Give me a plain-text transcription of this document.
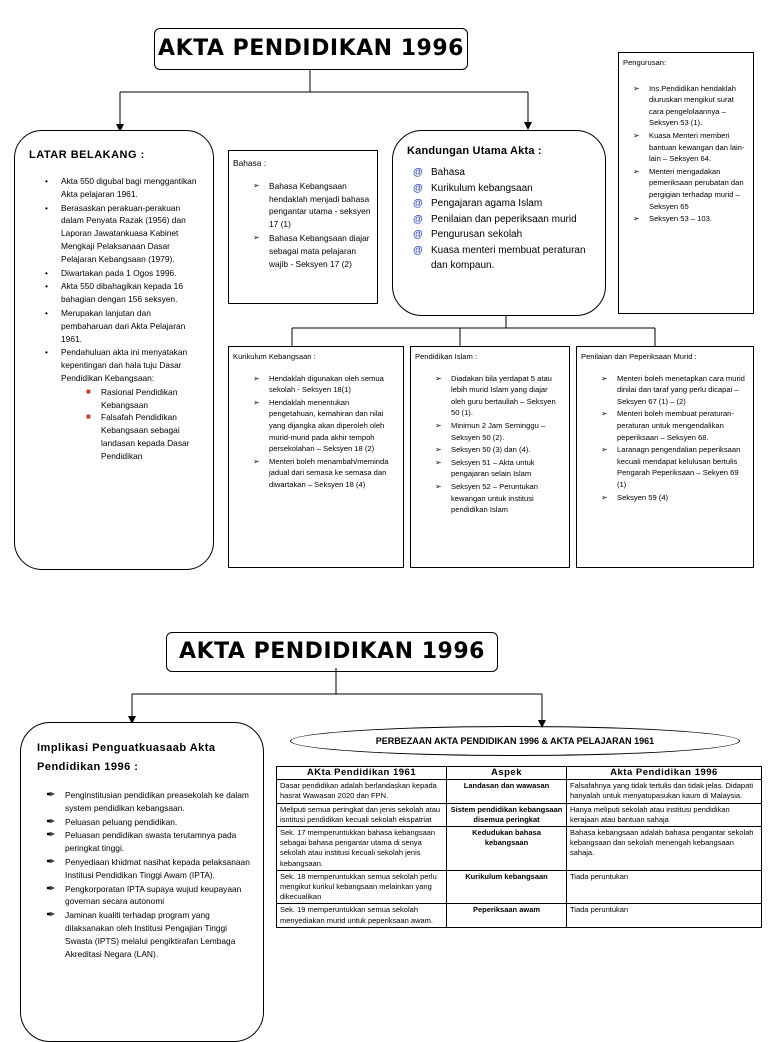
AKTA PENDIDIKAN 1996
LATAR BELAKANG :
• Akta 550 digubal bagi menggantikan Akta pelajaran 1961.
• Berasaskan perakuan-perakuan dalam Penyata Razak (1956) dan Laporan Jawatankuasa Kabinet Mengkaji Pelaksanaan Dasar Pelajaran Kebangsaan (1979).
• Diwartakan pada 1 Ogos 1996.
• Akta 550 dibahagikan kepada 16 bahagian dengan 156 seksyen.
• Merupakan lanjutan dan pembaharuan dari Akta Pelajaran 1961.
• Pendahuluan akta ini menyatakan kepentingan dan hala tuju Dasar Pendidikan Kebangsaan:
■ Rasional Pendidikan Kebangsaan
■ Falsafah Pendidikan Kebangsaan sebagai landasan kepada Dasar Pendidikan
Bahasa :
➢ Bahasa Kebangsaan hendaklah menjadi bahasa pengantar utama - seksyen 17 (1)
➢ Bahasa Kebangsaan diajar sebagai mata pelajaran wajib - Seksyen 17 (2)
Kandungan Utama Akta :
@ Bahasa
@ Kurikulum kebangsaan
@ Pengajaran agama Islam
@ Penilaian dan peperiksaan murid
@ Pengurusan sekolah
@ Kuasa menteri membuat peraturan dan kompaun.
Pengurusan:
➢ Ins.Pendidikan hendaklah diuruskan mengikut surat cara pengelolaannya – Seksyen 53 (1).
➢ Kuasa Menteri memberi bantuan kewangan dan lain-lain – Seksyen 64.
➢ Menteri mengadakan pemeriksaan perubatan dan pergigian terhadap murid – Seksyen 65
➢ Seksyen 53 – 103.
Kurikulum Kebangsaan :
➢ Hendaklah digunakan oleh semua sekolah - Seksyen 18(1)
➢ Hendaklah menentukan pengetahuan, kemahiran dan nilai yang dijangka akan diperoleh oleh murid-murid pada akhir tempoh persekolahan – Seksyen 18 (2)
➢ Menteri boleh menambah/meminda jadual dari semasa ke semasa dan diwartakan – Seksyen 18 (4)
Pendidikan Islam :
➢ Diadakan bila yerdapat 5 atau lebih murid Islam yang diajar oleh guru bertauliah – Seksyen 50 (1).
➢ Minimun 2 Jam Seminggu – Seksyen 50 (2).
➢ Seksyen 50 (3) dan (4).
➢ Seksyen 51 – Akta untuk pengajaran selain Islam
➢ Seksyen 52 – Peruntukan kewangan untuk institusi pendidikan Islam
Penilaian dan Peperiksaan Murid :
➢ Menteri boleh menetapkan cara murid dinilai dan taraf yang perlu dicapai – Seksyen 67 (1) – (2)
➢ Menteri boleh membuat peraturan-peraturan untuk mengendalikan peperiksaan – Seksyen 68.
➢ Laranagn pengendalian peperiksaan kecuali mendapat kelulusan bertulis Pengarah Peperiksaan – Sekyen 69 (1)
➢ Seksyen 59 (4)
AKTA PENDIDIKAN 1996
Implikasi Penguatkuasaab Akta Pendidikan 1996 :
✒ Penginstitusian pendidikan preasekolah ke dalam system pendidikan kebangsaan.
✒ Peluasan peluang pendidikan.
✒ Peluasan pendidikan swasta terutamnya pada peringkat tinggi.
✒ Penyediaan khidmat nasihat kepada pelaksanaan Institusi Pendidikan Tinggi Awam (IPTA).
✒ Pengkorporatan IPTA supaya wujud keupayaan governan secara autonomi
✒ Jaminan kualiti terhadap program yang dilaksanakan oleh Institusi Pengajian Tinggi Swasta (IPTS) melalui pengiktirafan Lembaga Akreditasi Negara (LAN).
PERBEZAAN AKTA PENDIDIKAN 1996 & AKTA PELAJARAN 1961
AKta Pendidikan 1961	Aspek	Akta Pendidikan 1996
Dasar pendidikan adalah berlandaskan kepada hasrat Wawasan 2020 dan FPN.	Landasan dan wawasan	Falsafahnya yang tidak tertulis dan tidak jelas. Didapati hanyalah untuk menyatupasukan kaum di Malaysia.
Meliputi semua peringkat dan jenis sekolah atau isntitusi pendidikan kecuali sekolah ekspatriat	Sistem pendidikan kebangsaan disemua peringkat	Hanya meliputi sekolah atau institusi pendidikan kerajaan atau bantuan sahaja
Sek. 17 memperuntukkan bahasa kebangsaan sebagai bahasa pengantar utama di senya sekolah atau institusi kecuali sekolah jenis kebangsaan.	Kedudukan bahasa kebangsaan	Bahasa kebangsaan adalah bahasa pengantar sekolah kebangsaan dan sekolah menengah kebangsaan sahaja.
Sek. 18 memperuntukkan semua sekolah perlu mengikut kurikul kebangsaan melainkan yang dikecualikan	Kurikulum kebangsaan	Tiada peruntukan
Sek. 19 memperuntukkan semua sekolah menyediakan murid untuk peperiksaan awam.	Peperiksaan awam	Tiada peruntukan
